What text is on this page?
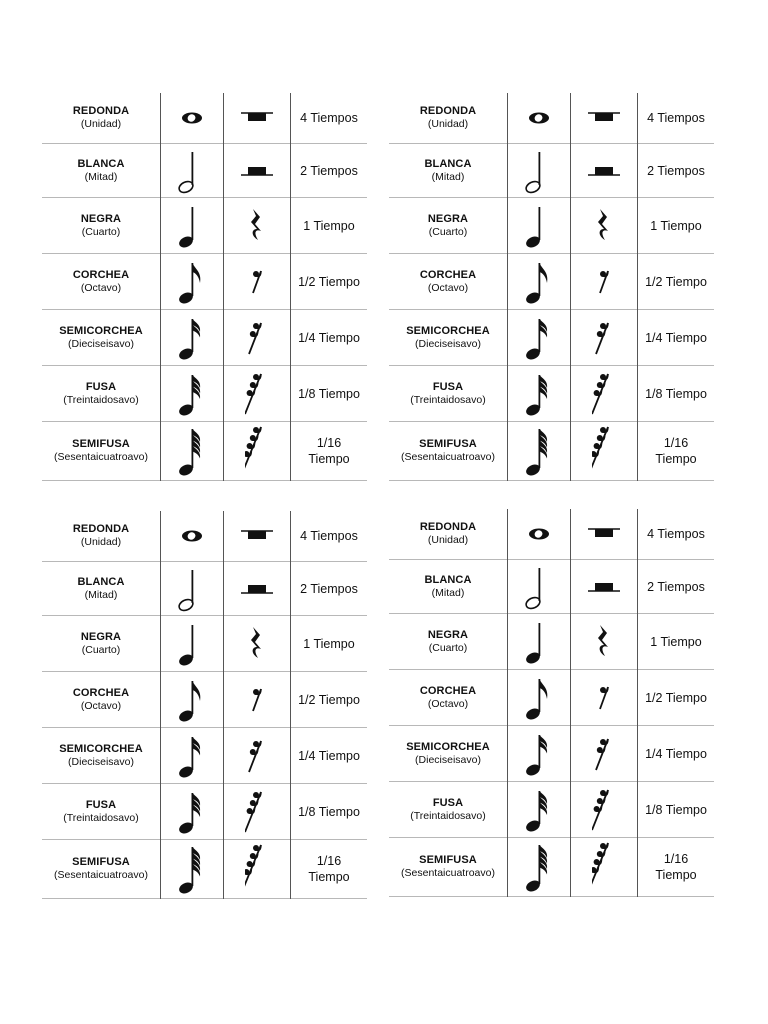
REDONDA
(Unidad)	4 Tiempos
BLANCA
(Mitad)	2 Tiempos
NEGRA
(Cuarto)	1 Tiempo
CORCHEA
(Octavo)	1/2 Tiempo
SEMICORCHEA
(Dieciseisavo)	1/4 Tiempo
FUSA
(Treintaidosavo)	1/8 Tiempo
SEMIFUSA
(Sesentaicuatroavo)
1/16
Tiempo
REDONDA
(Unidad)	4 Tiempos
BLANCA
(Mitad)	2 Tiempos
NEGRA
(Cuarto)	1 Tiempo
CORCHEA
(Octavo)	1/2 Tiempo
SEMICORCHEA
(Dieciseisavo)	1/4 Tiempo
FUSA
(Treintaidosavo)	1/8 Tiempo
SEMIFUSA
(Sesentaicuatroavo)
1/16
Tiempo
REDONDA
(Unidad)	4 Tiempos
BLANCA
(Mitad)	2 Tiempos
NEGRA
(Cuarto)	1 Tiempo
CORCHEA
(Octavo)	1/2 Tiempo
SEMICORCHEA
(Dieciseisavo)	1/4 Tiempo
FUSA
(Treintaidosavo)	1/8 Tiempo
SEMIFUSA
(Sesentaicuatroavo)
1/16
Tiempo
REDONDA
(Unidad)	4 Tiempos
BLANCA
(Mitad)	2 Tiempos
NEGRA
(Cuarto)	1 Tiempo
CORCHEA
(Octavo)	1/2 Tiempo
SEMICORCHEA
(Dieciseisavo)	1/4 Tiempo
FUSA
(Treintaidosavo)	1/8 Tiempo
SEMIFUSA
(Sesentaicuatroavo)
1/16
Tiempo
